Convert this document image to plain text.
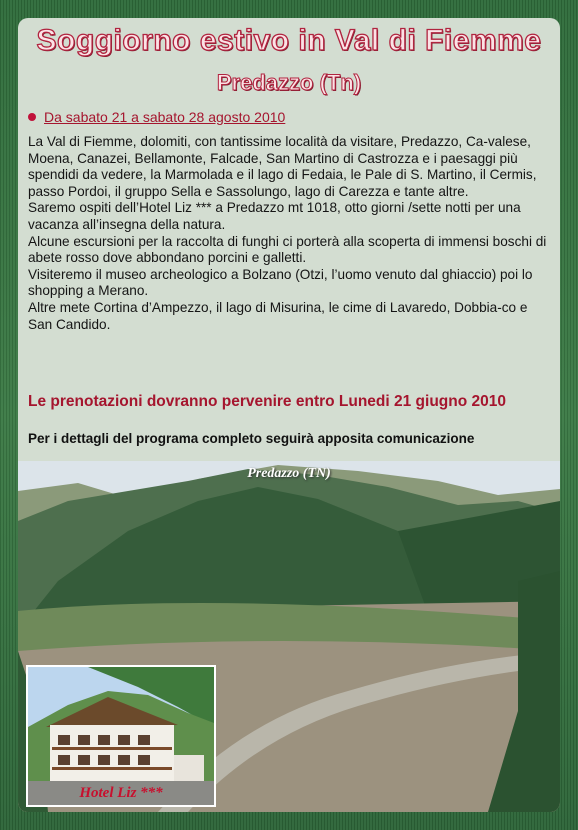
Soggiorno estivo in Val di Fiemme
Predazzo (Tn)
Da sabato 21 a sabato 28 agosto 2010

La Val di Fiemme, dolomiti, con tantissime località da visitare, Predazzo, Ca-valese, Moena, Canazei, Bellamonte, Falcade, San Martino di Castrozza e i paesaggi più spendidi da vedere, la Marmolada e il lago di Fedaia, le Pale di S. Martino, il Cermis, passo Pordoi, il gruppo Sella e Sassolungo, lago di Carezza e tante altre.

Saremo ospiti dell’Hotel Liz *** a Predazzo mt 1018, otto giorni /sette notti per una vacanza all’insegna della natura.

Alcune escursioni per la raccolta di funghi ci porterà alla scoperta di immensi boschi di abete rosso dove abbondano porcini e galletti.

Visiteremo il museo archeologico a Bolzano (Otzi, l’uomo venuto dal ghiaccio) poi lo shopping a Merano.

Altre mete Cortina d’Ampezzo, il lago di Misurina, le cime di Lavaredo, Dobbia-co e San Candido.

Le prenotazioni dovranno pervenire entro Lunedi 21 giugno 2010
Per i dettagli del programa completo seguirà apposita comunicazione
Predazzo (TN)
Hotel Liz ***
